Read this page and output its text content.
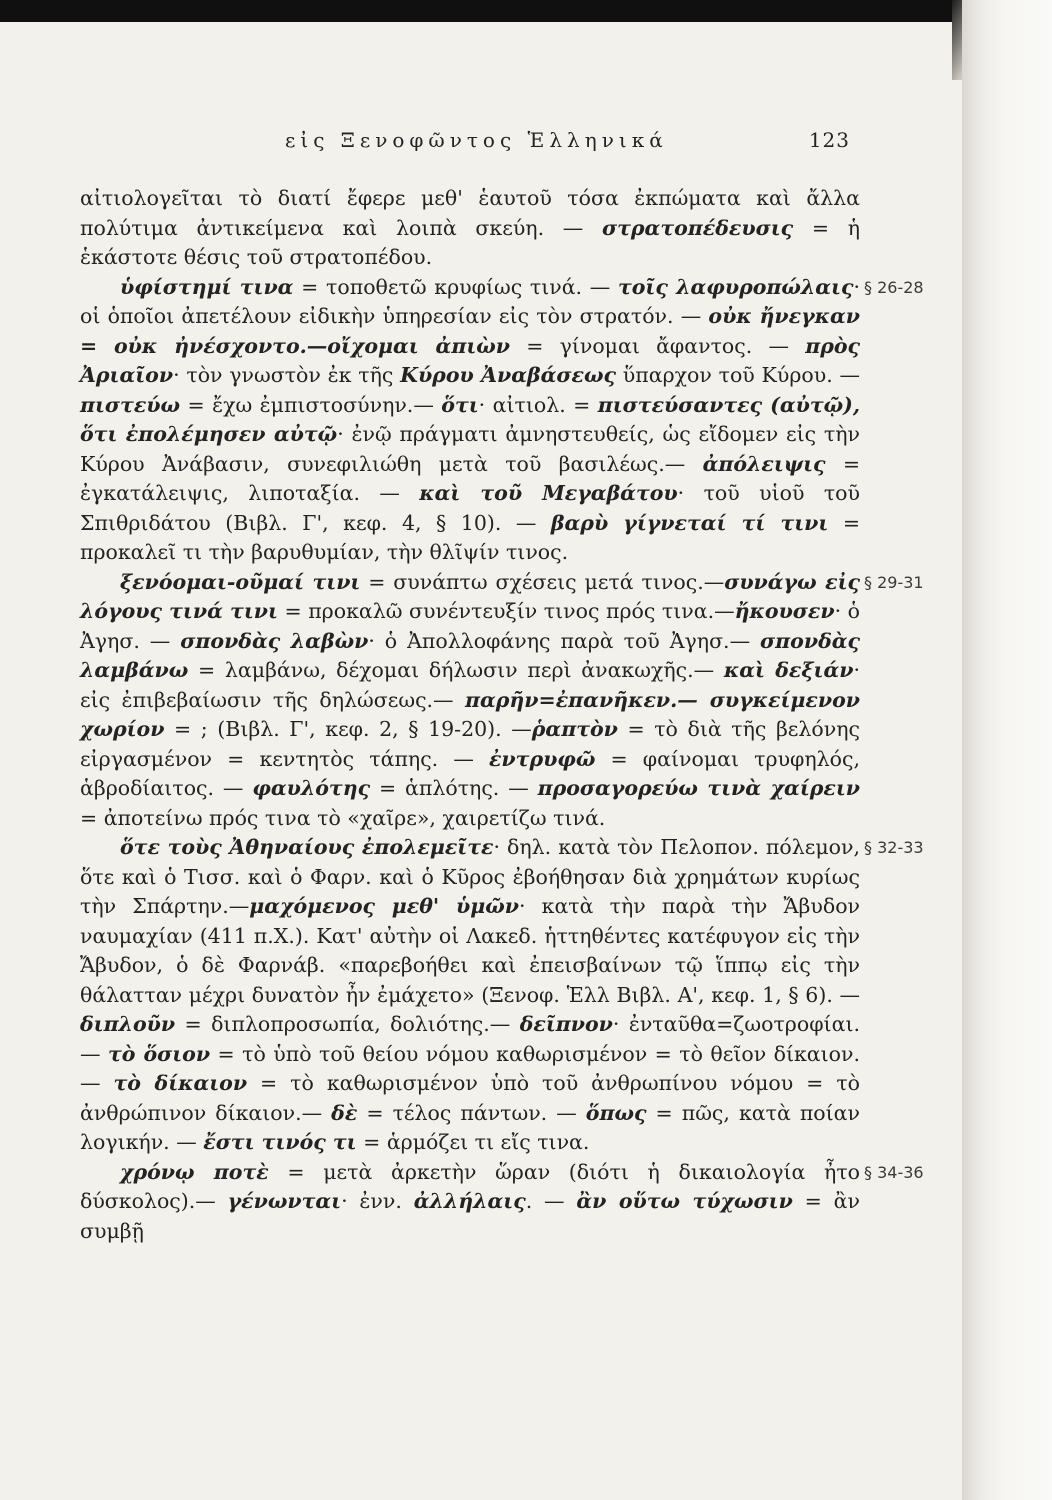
εἰς Ξενοφῶντος Ἑλληνικά	123

αἰτιολογεῖται τὸ διατί ἔφερε μεθ' ἑαυτοῦ τόσα ἐκπώματα καὶ ἄλλα πολύτιμα ἀντικείμενα καὶ λοιπὰ σκεύη. — στρατοπέδευσις = ἡ ἑκάστοτε θέσις τοῦ στρατοπέδου.

§ 26-28

ὑφίστημί τινα = τοποθετῶ κρυφίως τινά. — τοῖς λαφυροπώλαις· οἱ ὁποῖοι ἀπετέλουν εἰδικὴν ὑπηρεσίαν εἰς τὸν στρατόν. — οὐκ ἤνεγκαν = οὐκ ἠνέσχοντο.—οἴχομαι ἀπιὼν = γίνομαι ἄφαντος. — πρὸς Ἀριαῖον· τὸν γνωστὸν ἐκ τῆς Κύρου Ἀναβάσεως ὕπαρχον τοῦ Κύρου. — πιστεύω = ἔχω ἐμπιστοσύνην.— ὅτι· αἰτιολ. = πιστεύσαντες (αὐτῷ), ὅτι ἐπολέμησεν αὐτῷ· ἐνῷ πράγματι ἀμνηστευθείς, ὡς εἴδομεν εἰς τὴν Κύρου Ἀνάβασιν, συνεφιλιώθη μετὰ τοῦ βασιλέως.— ἀπόλειψις = ἐγκατάλειψις, λιποταξία. — καὶ τοῦ Μεγαβάτου· τοῦ υἱοῦ τοῦ Σπιθριδάτου (Βιβλ. Γ', κεφ. 4, § 10). — βαρὺ γίγνεταί τί τινι = προκαλεῖ τι τὴν βαρυθυμίαν, τὴν θλῖψίν τινος.

§ 29-31

ξενόομαι-οῦμαί τινι = συνάπτω σχέσεις μετά τινος.—συνάγω εἰς λόγους τινά τινι = προκαλῶ συνέντευξίν τινος πρός τινα.—ἤκουσεν· ὁ Ἀγησ. — σπονδὰς λαβὼν· ὁ Ἀπολλοφάνης παρὰ τοῦ Ἀγησ.— σπονδὰς λαμβάνω = λαμβάνω, δέχομαι δήλωσιν περὶ ἀνακωχῆς.— καὶ δεξιάν· εἰς ἐπιβεβαίωσιν τῆς δηλώσεως.— παρῆν=ἐπανῆκεν.— συγκείμενον χωρίον = ; (Βιβλ. Γ', κεφ. 2, § 19-20). —ῥαπτὸν = τὸ διὰ τῆς βελόνης εἰργασμένον = κεντητὸς τάπης. — ἐντρυφῶ = φαίνομαι τρυφηλός, ἁβροδίαιτος. — φαυλότης = ἁπλότης. — προσαγορεύω τινὰ χαίρειν = ἀποτείνω πρός τινα τὸ «χαῖρε», χαιρετίζω τινά.

§ 32-33

ὅτε τοὺς Ἀθηναίους ἐπολεμεῖτε· δηλ. κατὰ τὸν Πελοπον. πόλεμον, ὅτε καὶ ὁ Τισσ. καὶ ὁ Φαρν. καὶ ὁ Κῦρος ἐβοήθησαν διὰ χρημάτων κυρίως τὴν Σπάρτην.—μαχόμενος μεθ' ὑμῶν· κατὰ τὴν παρὰ τὴν Ἄβυδον ναυμαχίαν (411 π.Χ.). Κατ' αὐτὴν οἱ Λακεδ. ἡττηθέντες κατέφυγον εἰς τὴν Ἄβυδον, ὁ δὲ Φαρνάβ. «παρεβοήθει καὶ ἐπεισβαίνων τῷ ἵππῳ εἰς τὴν θάλατταν μέχρι δυνατὸν ἦν ἐμάχετο» (Ξενοφ. Ἑλλ Βιβλ. Α', κεφ. 1, § 6). — διπλοῦν = διπλοπροσωπία, δολιότης.— δεῖπνον· ἐνταῦθα=ζωοτροφίαι.— τὸ ὅσιον = τὸ ὑπὸ τοῦ θείου νόμου καθωρισμένον = τὸ θεῖον δίκαιον.— τὸ δίκαιον = τὸ καθωρισμένον ὑπὸ τοῦ ἀνθρωπίνου νόμου = τὸ ἀνθρώπινον δίκαιον.— δὲ = τέλος πάντων. — ὅπως = πῶς, κατὰ ποίαν λογικήν. — ἔστι τινός τι = ἁρμόζει τι εἴς τινα.

§ 34-36

χρόνῳ ποτὲ = μετὰ ἀρκετὴν ὥραν (διότι ἡ δικαιολογία ἦτο δύσκολος).— γένωνται· ἐνν. ἀλλήλαις. — ἂν οὕτω τύχωσιν = ἂν συμβῇ
